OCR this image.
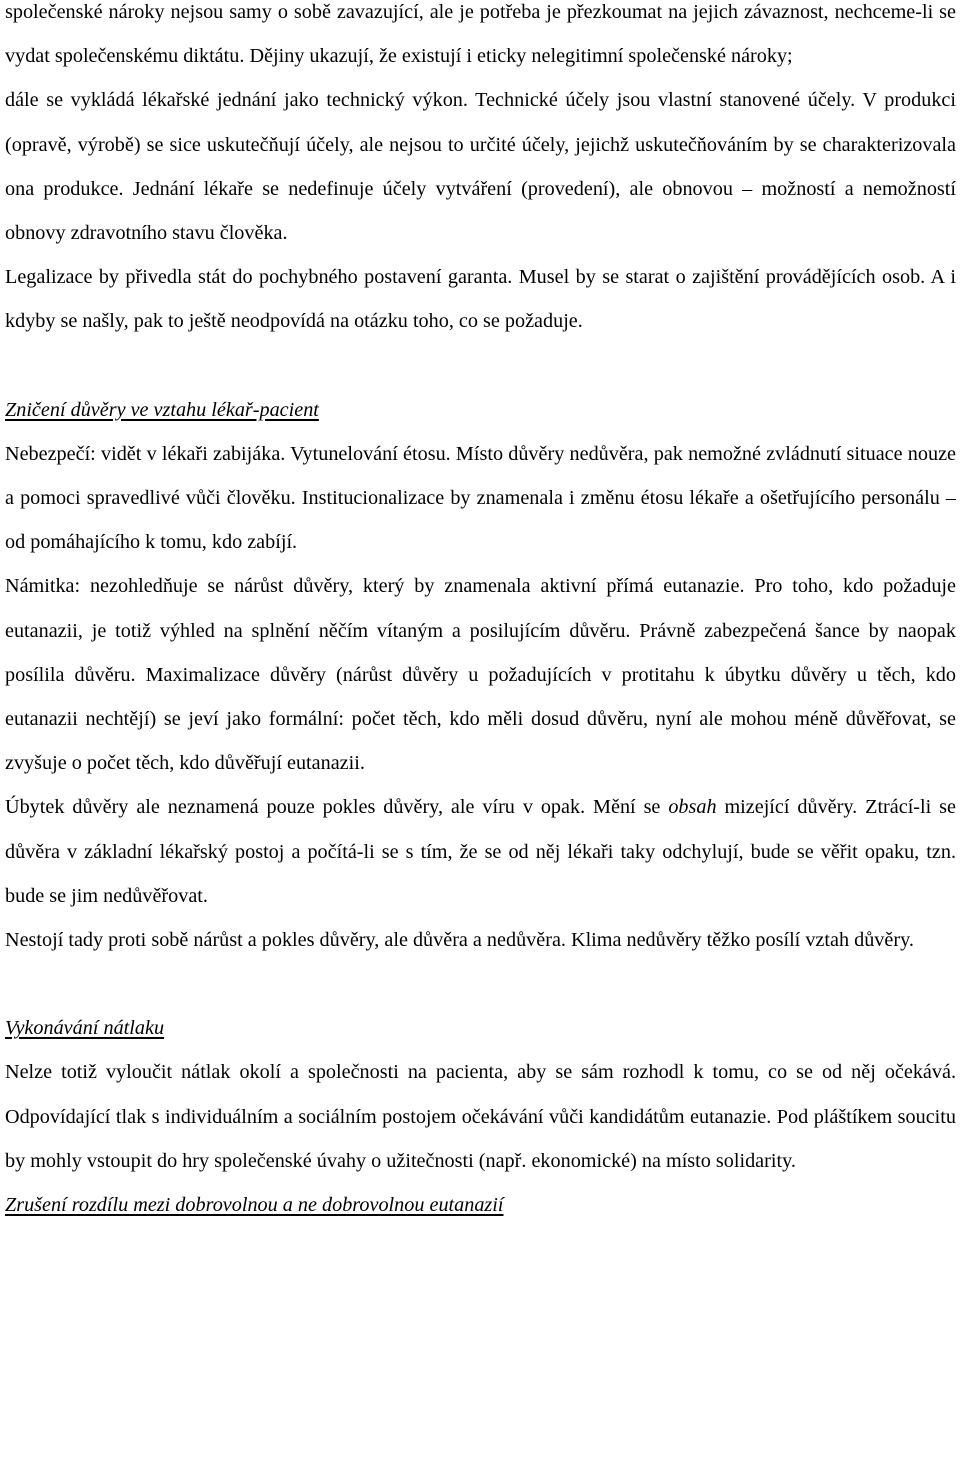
společenské nároky nejsou samy o sobě zavazující, ale je potřeba je přezkoumat na jejich závaznost, nechceme-li se vydat společenskému diktátu. Dějiny ukazují, že existují i eticky nelegitimní společenské nároky;

dále se vykládá lékařské jednání jako technický výkon. Technické účely jsou vlastní stanovené účely. V produkci (opravě, výrobě) se sice uskutečňují účely, ale nejsou to určité účely, jejichž uskutečňováním by se charakterizovala ona produkce. Jednání lékaře se nedefinuje účely vytváření (provedení), ale obnovou – možností a nemožností obnovy zdravotního stavu člověka.

Legalizace by přivedla stát do pochybného postavení garanta. Musel by se starat o zajištění provádějících osob. A i kdyby se našly, pak to ještě neodpovídá na otázku toho, co se požaduje.

Zničení důvěry ve vztahu lékař-pacient

Nebezpečí: vidět v lékaři zabijáka. Vytunelování étosu. Místo důvěry nedůvěra, pak nemožné zvládnutí situace nouze a pomoci spravedlivé vůči člověku. Institucionalizace by znamenala i změnu étosu lékaře a ošetřujícího personálu – od pomáhajícího k tomu, kdo zabíjí.

Námitka: nezohledňuje se nárůst důvěry, který by znamenala aktivní přímá eutanazie. Pro toho, kdo požaduje eutanazii, je totiž výhled na splnění něčím vítaným a posilujícím důvěru. Právně zabezpečená šance by naopak posílila důvěru. Maximalizace důvěry (nárůst důvěry u požadujících v protitahu k úbytku důvěry u těch, kdo eutanazii nechtějí) se jeví jako formální: počet těch, kdo měli dosud důvěru, nyní ale mohou méně důvěřovat, se zvyšuje o počet těch, kdo důvěřují eutanazii.

Úbytek důvěry ale neznamená pouze pokles důvěry, ale víru v opak. Mění se obsah mizející důvěry. Ztrácí-li se důvěra v základní lékařský postoj a počítá-li se s tím, že se od něj lékaři taky odchylují, bude se věřit opaku, tzn. bude se jim nedůvěřovat.

Nestojí tady proti sobě nárůst a pokles důvěry, ale důvěra a nedůvěra. Klima nedůvěry těžko posílí vztah důvěry.

Vykonávání nátlaku

Nelze totiž vyloučit nátlak okolí a společnosti na pacienta, aby se sám rozhodl k tomu, co se od něj očekává. Odpovídající tlak s individuálním a sociálním postojem očekávání vůči kandidátům eutanazie. Pod pláštíkem soucitu by mohly vstoupit do hry společenské úvahy o užitečnosti (např. ekonomické) na místo solidarity.

Zrušení rozdílu mezi dobrovolnou a ne dobrovolnou eutanazií
